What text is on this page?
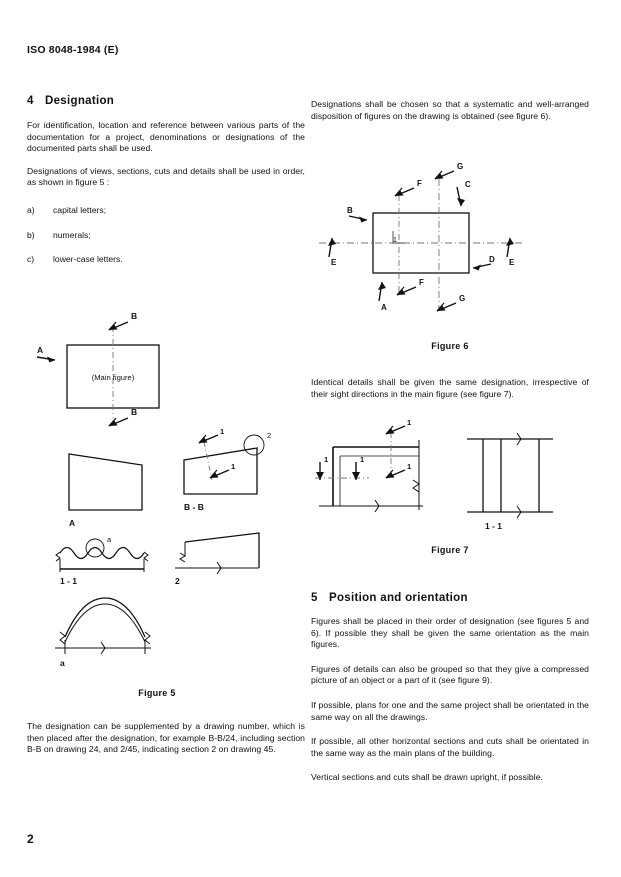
ISO 8048-1984 (E)
4 Designation

For identification, location and reference between various parts of the documentation for a project, denominations or designations of the documented parts shall be used.

Designations of views, sections, cuts and details shall be used in order, as shown in figure 5 :

a) capital letters;
b) numerals;
c) lower-case letters.
(Main figure)
A
B
B
A
1
1
2
B - B
a
1 - 1	2
a
Figure 5

The designation can be supplemented by a drawing number, which is then placed after the designation, for example B-B/24, including section B-B on drawing 24, and 2/45, indicating section 2 on drawing 45.

Designations shall be chosen so that a systematic and well-arranged disposition of figures on the drawing is obtained (see figure 6).

1
G
C
F
B
E	E
D
A
F
G
Figure 6

Identical details shall be given the same designation, irrespective of their sight directions in the main figure (see figure 7).

1
1
1
1
1 - 1
Figure 7
5 Position and orientation

Figures shall be placed in their order of designation (see figures 5 and 6). If possible they shall be given the same orientation as the main figures.

Figures of details can also be grouped so that they give a compressed picture of an object or a part of it (see figure 9).

If possible, plans for one and the same project shall be orientated in the same way on all the drawings.

If possible, all other horizontal sections and cuts shall be orientated in the same way as the main plans of the building.

Vertical sections and cuts shall be drawn upright, if possible.

2
